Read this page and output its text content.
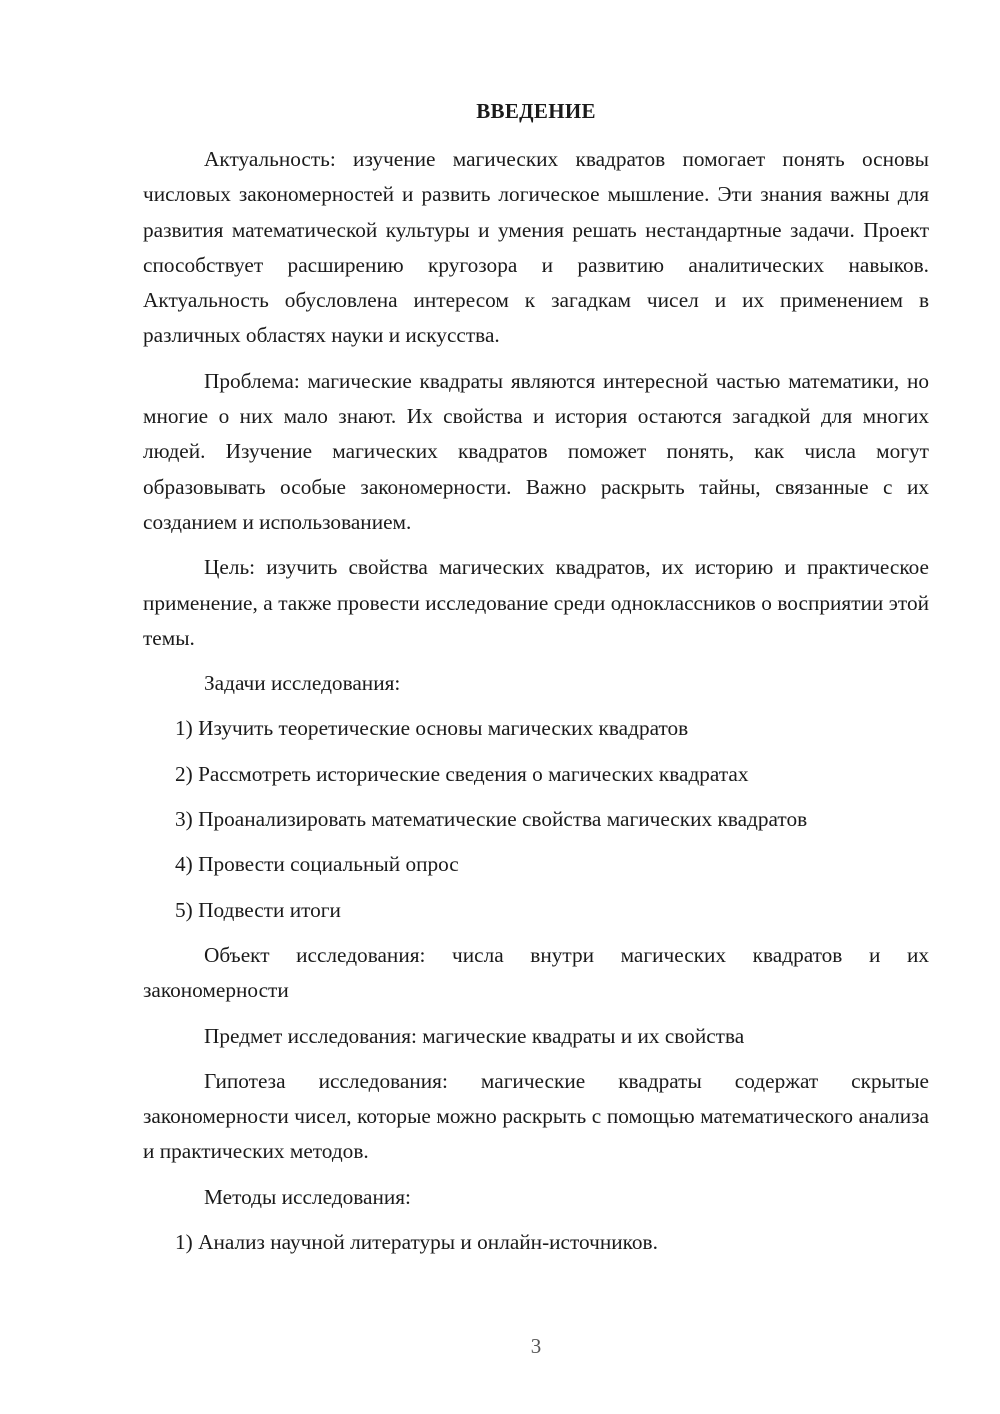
ВВЕДЕНИЕ

Актуальность: изучение магических квадратов помогает понять основы числовых закономерностей и развить логическое мышление. Эти знания важны для развития математической культуры и умения решать нестандартные задачи. Проект способствует расширению кругозора и развитию аналитических навыков. Актуальность обусловлена интересом к загадкам чисел и их применением в различных областях науки и искусства.

Проблема: магические квадраты являются интересной частью математики, но многие о них мало знают. Их свойства и история остаются загадкой для многих людей. Изучение магических квадратов поможет понять, как числа могут образовывать особые закономерности. Важно раскрыть тайны, связанные с их созданием и использованием.

Цель: изучить свойства магических квадратов, их историю и практическое применение, а также провести исследование среди одноклассников о восприятии этой темы.

Задачи исследования:

1) Изучить теоретические основы магических квадратов
2) Рассмотреть исторические сведения о магических квадратах
3) Проанализировать математические свойства магических квадратов
4) Провести социальный опрос
5) Подвести итоги

Объект исследования: числа внутри магических квадратов и их закономерности

Предмет исследования: магические квадраты и их свойства

Гипотеза исследования: магические квадраты содержат скрытые закономерности чисел, которые можно раскрыть с помощью математического анализа и практических методов.

Методы исследования:

1) Анализ научной литературы и онлайн-источников.
3
